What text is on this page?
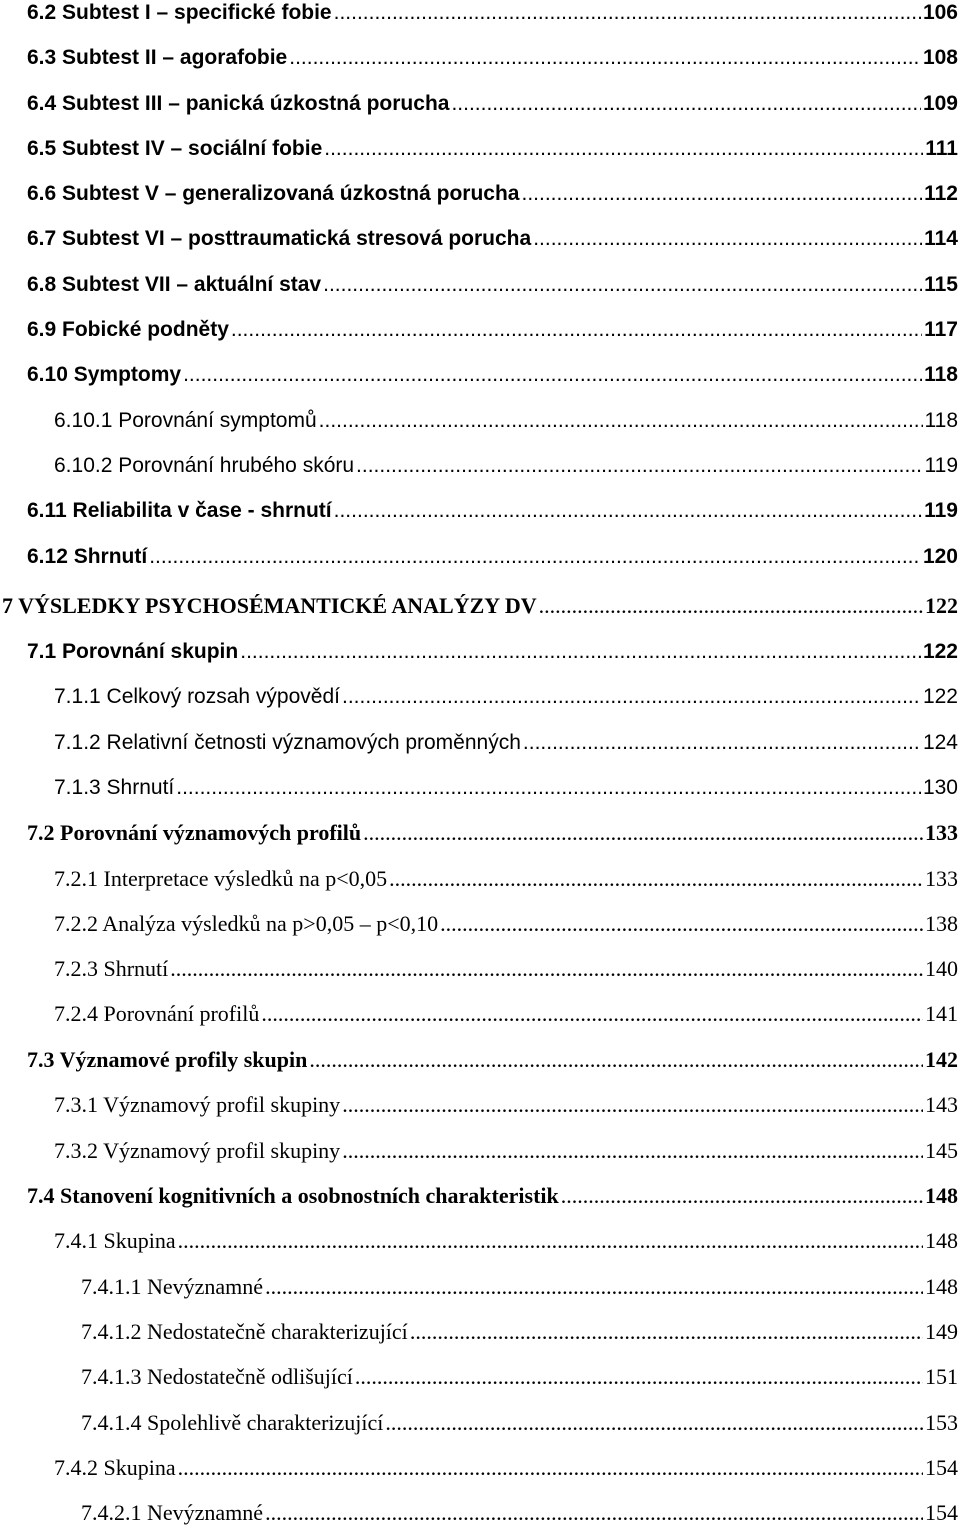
6.2 Subtest I – specifické fobie .....	106
6.3 Subtest II – agorafobie .....	108
6.4 Subtest III – panická úzkostná porucha .....	109
6.5 Subtest IV – sociální fobie .....	111
6.6 Subtest V – generalizovaná úzkostná porucha .....	112
6.7 Subtest VI – posttraumatická stresová porucha .....	114
6.8 Subtest VII – aktuální stav .....	115
6.9 Fobické podněty .....	117
6.10 Symptomy .....	118
6.10.1 Porovnání symptomů .....	118
6.10.2 Porovnání hrubého skóru .....	119
6.11 Reliabilita v čase - shrnutí .....	119
6.12 Shrnutí .....	120
7 VÝSLEDKY PSYCHOSÉMANTICKÉ ANALÝZY DV .....	122
7.1 Porovnání skupin .....	122
7.1.1 Celkový rozsah výpovědí .....	122
7.1.2 Relativní četnosti významových proměnných .....	124
7.1.3 Shrnutí .....	130
7.2 Porovnání významových profilů .....	133
7.2.1 Interpretace výsledků na p<0,05 .....	133
7.2.2 Analýza výsledků na p>0,05 – p<0,10 .....	138
7.2.3 Shrnutí .....	140
7.2.4 Porovnání profilů .....	141
7.3 Významové profily skupin .....	142
7.3.1 Významový profil skupiny .....	143
7.3.2 Významový profil skupiny .....	145
7.4 Stanovení kognitivních a osobnostních charakteristik .....	148
7.4.1 Skupina .....	148
7.4.1.1 Nevýznamné .....	148
7.4.1.2 Nedostatečně charakterizující .....	149
7.4.1.3 Nedostatečně odlišující .....	151
7.4.1.4 Spolehlivě charakterizující .....	153
7.4.2 Skupina .....	154
7.4.2.1 Nevýznamné .....	154
